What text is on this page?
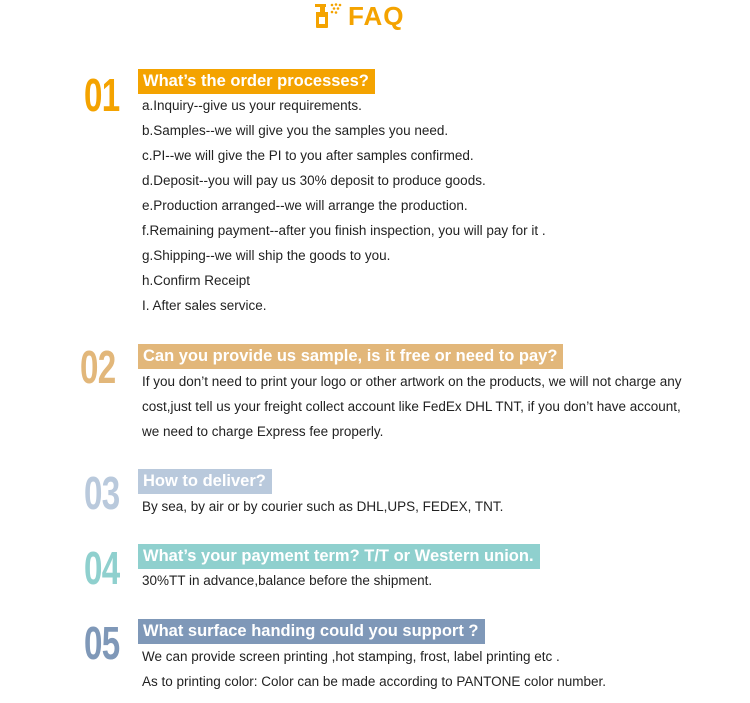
FAQ
01	What’s the order processes?
a.Inquiry--give us your requirements.
b.Samples--we will give you the samples you need.
c.PI--we will give the PI to you after samples confirmed.
d.Deposit--you will pay us 30% deposit to produce goods.
e.Production arranged--we will arrange the production.
f.Remaining payment--after you finish inspection, you will pay for it .
g.Shipping--we will ship the goods to you.
h.Confirm Receipt
I. After sales service.
02	Can you provide us sample, is it free or need to pay?
If you don’t need to print your logo or other artwork on the products, we will not charge any
cost,just tell us your freight collect account like FedEx DHL TNT, if you don’t have account,
we need to charge Express fee properly.
03	How to deliver?
By sea, by air or by courier such as DHL,UPS, FEDEX, TNT.
04	What’s your payment term? T/T or Western union.
30%TT in advance,balance before the shipment.
05	What surface handing could you support ?
We can provide screen printing ,hot stamping, frost, label printing etc .
As to printing color: Color can be made according to PANTONE color number.
